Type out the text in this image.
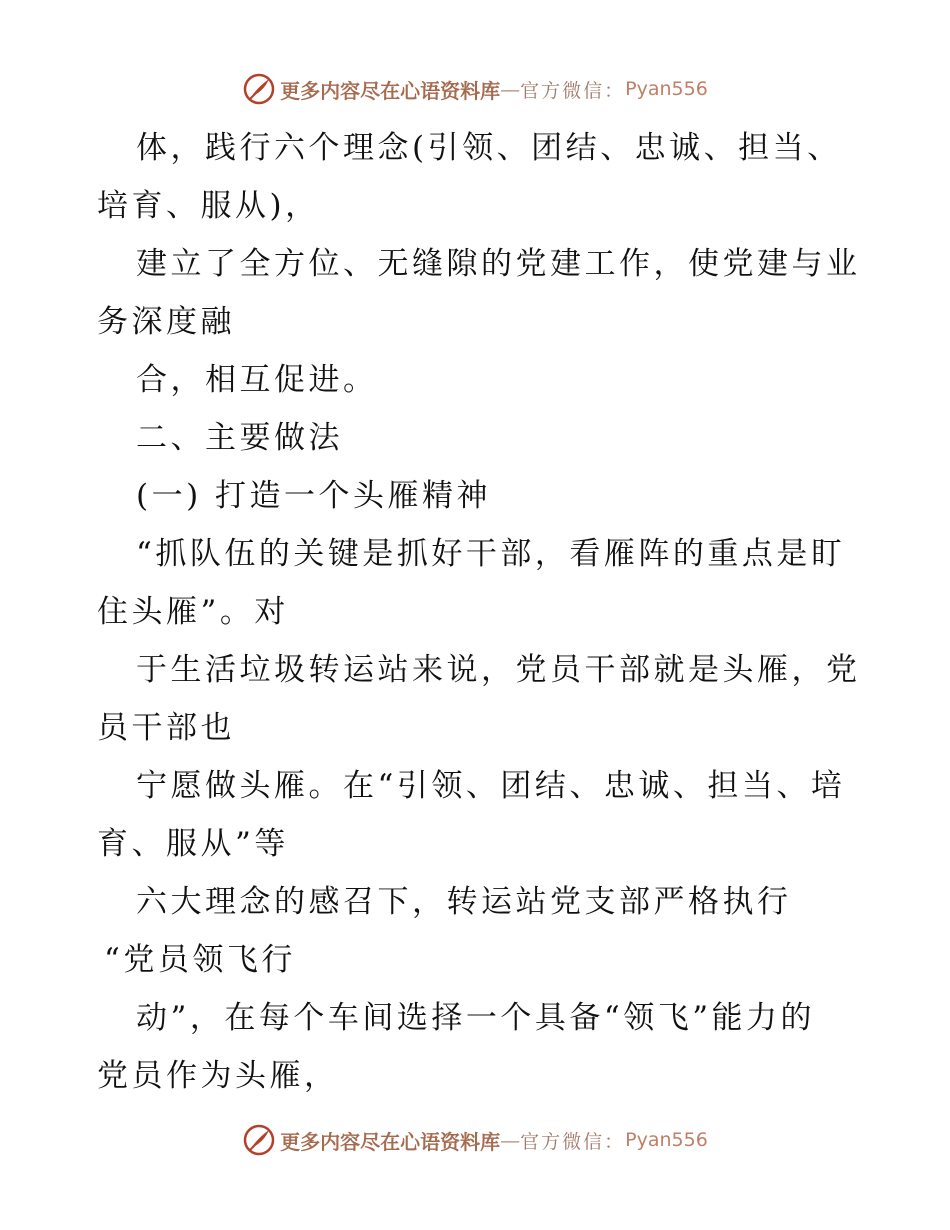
更多内容尽在心语资料库 — 官方微信： Pyan556
体，践行六个理念(引领、团结、忠诚、担当、
培育、服从)，
建立了全方位、无缝隙的党建工作，使党建与业
务深度融
合，相互促进。
二、主要做法
(一) 打造一个头雁精神
“抓队伍的关键是抓好干部，看雁阵的重点是盯
住头雁”。对
于生活垃圾转运站来说，党员干部就是头雁，党
员干部也
宁愿做头雁。在“引领、团结、忠诚、担当、培
育、服从”等
六大理念的感召下，转运站党支部严格执行
“党员领飞行
动”，在每个车间选择一个具备“领飞”能力的
党员作为头雁，
更多内容尽在心语资料库 — 官方微信： Pyan556
